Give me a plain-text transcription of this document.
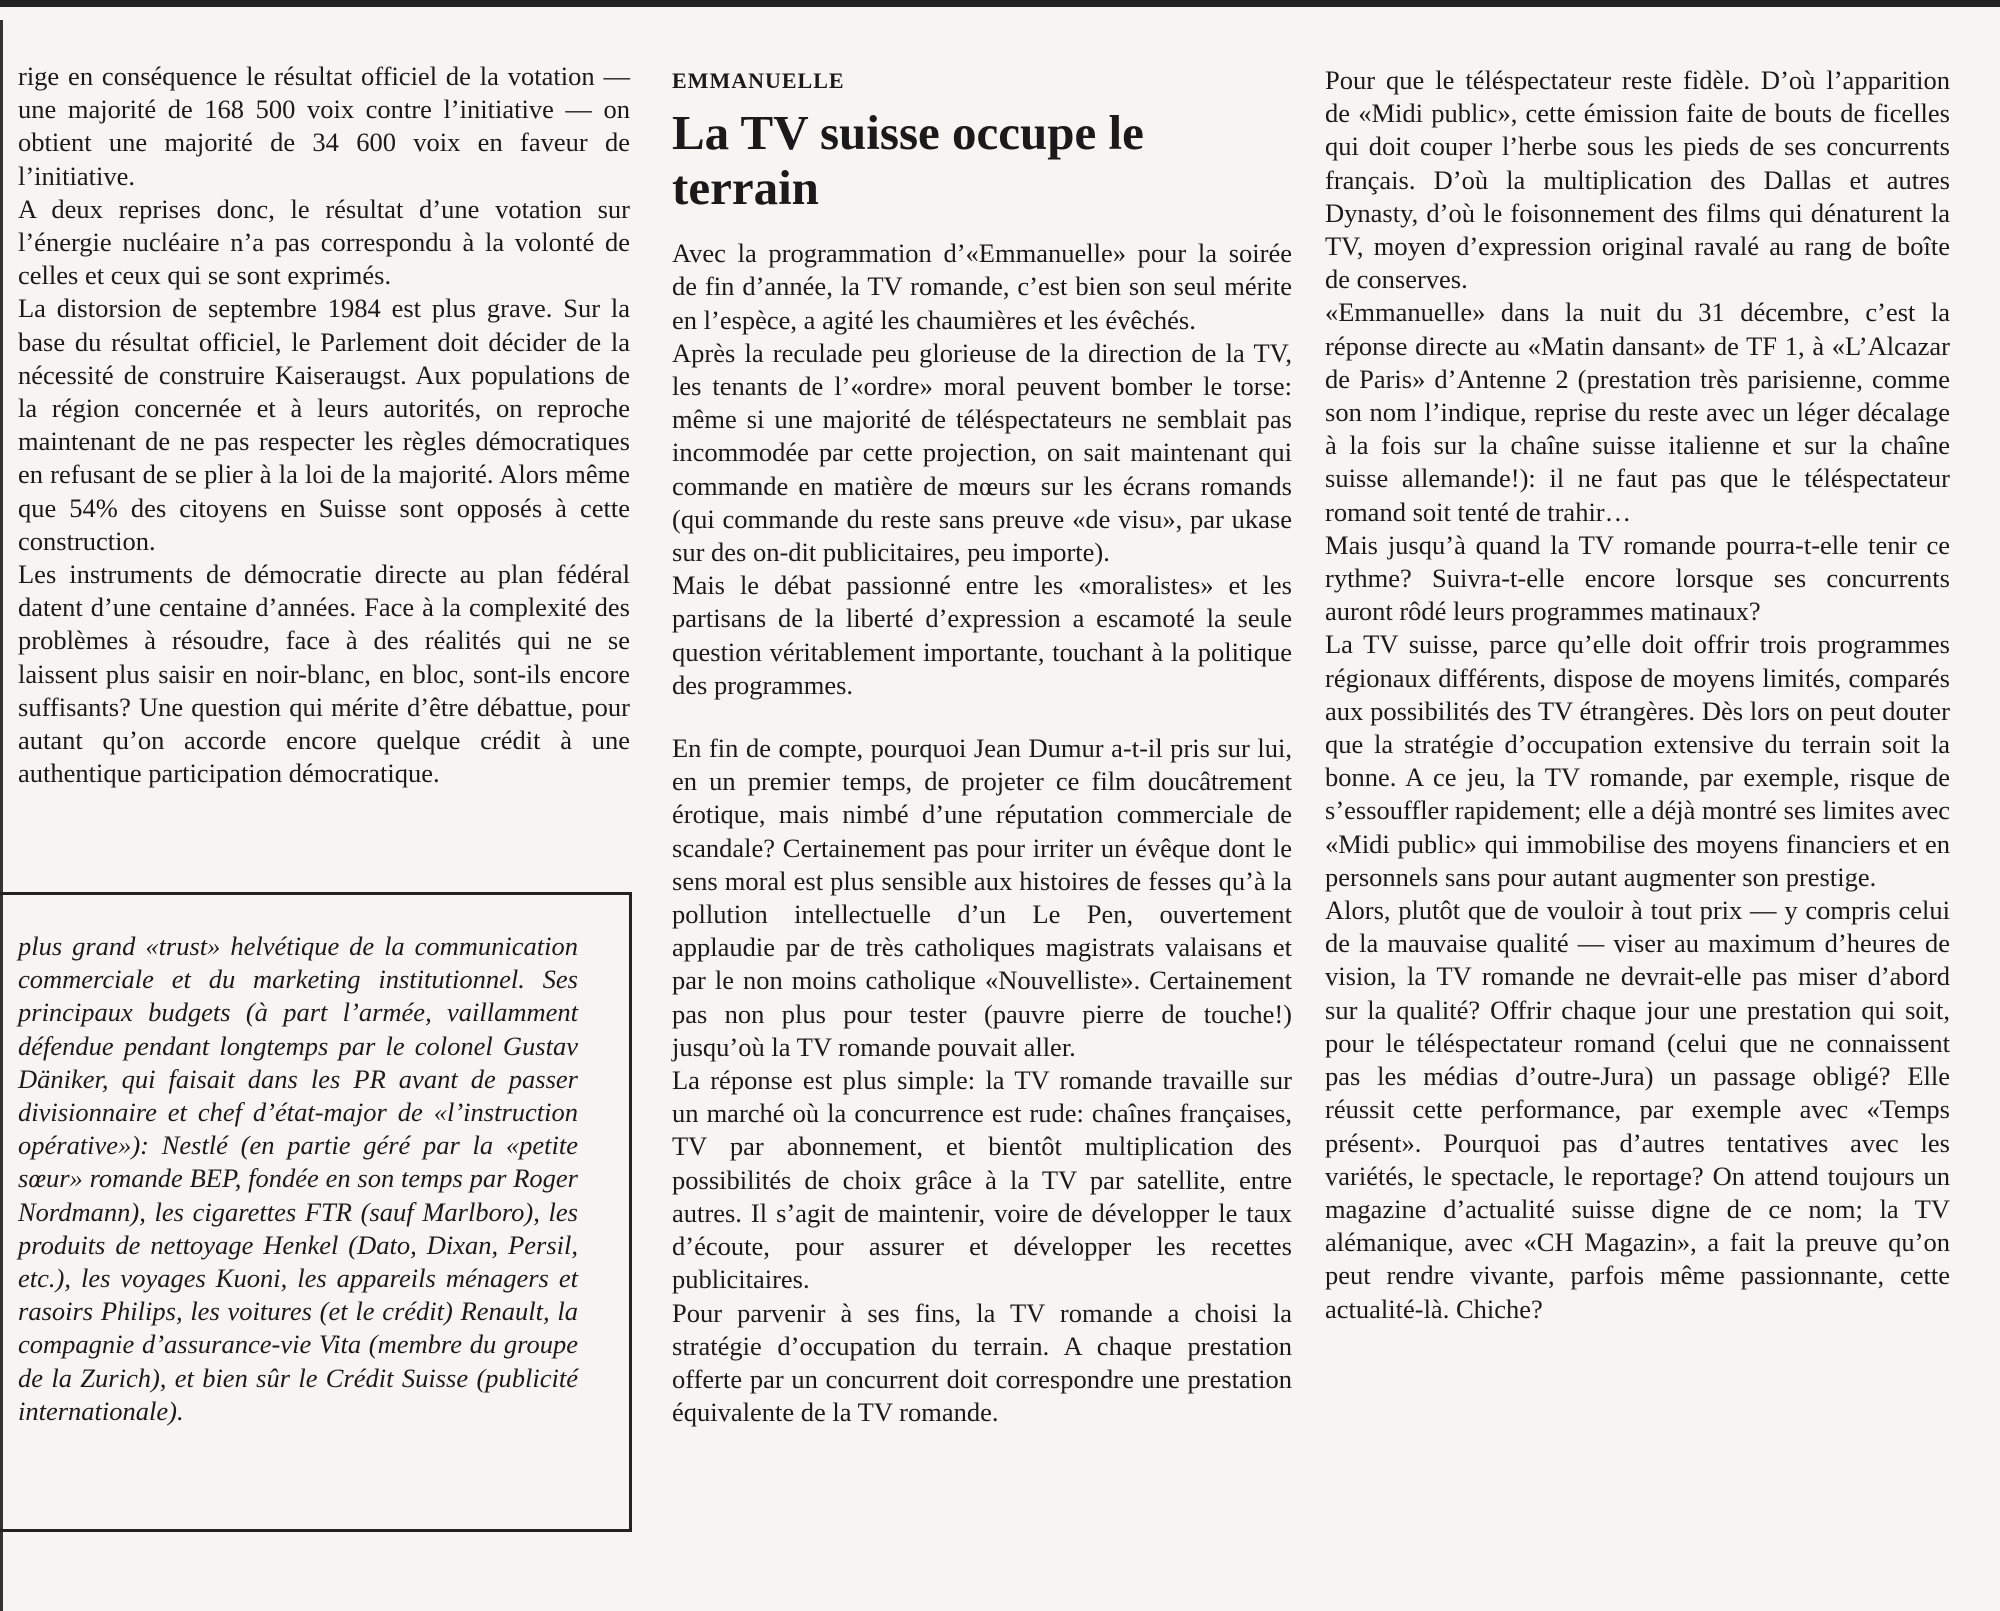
rige en conséquence le résultat officiel de la votation — une majorité de 168 500 voix contre l’initiative — on obtient une majorité de 34 600 voix en faveur de l’initiative.

A deux reprises donc, le résultat d’une votation sur l’énergie nucléaire n’a pas correspondu à la volonté de celles et ceux qui se sont exprimés.

La distorsion de septembre 1984 est plus grave. Sur la base du résultat officiel, le Parlement doit décider de la nécessité de construire Kaiseraugst. Aux populations de la région concernée et à leurs autorités, on reproche maintenant de ne pas respecter les règles démocratiques en refusant de se plier à la loi de la majorité. Alors même que 54% des citoyens en Suisse sont opposés à cette construction.

Les instruments de démocratie directe au plan fédéral datent d’une centaine d’années. Face à la complexité des problèmes à résoudre, face à des réalités qui ne se laissent plus saisir en noir-blanc, en bloc, sont-ils encore suffisants? Une question qui mérite d’être débattue, pour autant qu’on accorde encore quelque crédit à une authentique participation démocratique.

plus grand «trust» helvétique de la communication commerciale et du marketing institutionnel. Ses principaux budgets (à part l’armée, vaillamment défendue pendant longtemps par le colonel Gustav Däniker, qui faisait dans les PR avant de passer divisionnaire et chef d’état-major de «l’instruction opérative»): Nestlé (en partie géré par la «petite sœur» romande BEP, fondée en son temps par Roger Nordmann), les cigarettes FTR (sauf Marlboro), les produits de nettoyage Henkel (Dato, Dixan, Persil, etc.), les voyages Kuoni, les appareils ménagers et rasoirs Philips, les voitures (et le crédit) Renault, la compagnie d’assurance-vie Vita (membre du groupe de la Zurich), et bien sûr le Crédit Suisse (publicité internationale).

EMMANUELLE
La TV suisse occupe le terrain

Avec la programmation d’«Emmanuelle» pour la soirée de fin d’année, la TV romande, c’est bien son seul mérite en l’espèce, a agité les chaumières et les évêchés.

Après la reculade peu glorieuse de la direction de la TV, les tenants de l’«ordre» moral peuvent bomber le torse: même si une majorité de téléspectateurs ne semblait pas incommodée par cette projection, on sait maintenant qui commande en matière de mœurs sur les écrans romands (qui commande du reste sans preuve «de visu», par ukase sur des on-dit publicitaires, peu importe).

Mais le débat passionné entre les «moralistes» et les partisans de la liberté d’expression a escamoté la seule question véritablement importante, touchant à la politique des programmes.

En fin de compte, pourquoi Jean Dumur a-t-il pris sur lui, en un premier temps, de projeter ce film doucâtrement érotique, mais nimbé d’une réputation commerciale de scandale? Certainement pas pour irriter un évêque dont le sens moral est plus sensible aux histoires de fesses qu’à la pollution intellectuelle d’un Le Pen, ouvertement applaudie par de très catholiques magistrats valaisans et par le non moins catholique «Nouvelliste». Certainement pas non plus pour tester (pauvre pierre de touche!) jusqu’où la TV romande pouvait aller.

La réponse est plus simple: la TV romande travaille sur un marché où la concurrence est rude: chaînes françaises, TV par abonnement, et bientôt multiplication des possibilités de choix grâce à la TV par satellite, entre autres. Il s’agit de maintenir, voire de développer le taux d’écoute, pour assurer et développer les recettes publicitaires.

Pour parvenir à ses fins, la TV romande a choisi la stratégie d’occupation du terrain. A chaque prestation offerte par un concurrent doit correspondre une prestation équivalente de la TV romande.

Pour que le téléspectateur reste fidèle. D’où l’apparition de «Midi public», cette émission faite de bouts de ficelles qui doit couper l’herbe sous les pieds de ses concurrents français. D’où la multiplication des Dallas et autres Dynasty, d’où le foisonnement des films qui dénaturent la TV, moyen d’expression original ravalé au rang de boîte de conserves.

«Emmanuelle» dans la nuit du 31 décembre, c’est la réponse directe au «Matin dansant» de TF 1, à «L’Alcazar de Paris» d’Antenne 2 (prestation très parisienne, comme son nom l’indique, reprise du reste avec un léger décalage à la fois sur la chaîne suisse italienne et sur la chaîne suisse allemande!): il ne faut pas que le téléspectateur romand soit tenté de trahir…

Mais jusqu’à quand la TV romande pourra-t-elle tenir ce rythme? Suivra-t-elle encore lorsque ses concurrents auront rôdé leurs programmes matinaux?

La TV suisse, parce qu’elle doit offrir trois programmes régionaux différents, dispose de moyens limités, comparés aux possibilités des TV étrangères. Dès lors on peut douter que la stratégie d’occupation extensive du terrain soit la bonne. A ce jeu, la TV romande, par exemple, risque de s’essouffler rapidement; elle a déjà montré ses limites avec «Midi public» qui immobilise des moyens financiers et en personnels sans pour autant augmenter son prestige.

Alors, plutôt que de vouloir à tout prix — y compris celui de la mauvaise qualité — viser au maximum d’heures de vision, la TV romande ne devrait-elle pas miser d’abord sur la qualité? Offrir chaque jour une prestation qui soit, pour le téléspectateur romand (celui que ne connaissent pas les médias d’outre-Jura) un passage obligé? Elle réussit cette performance, par exemple avec «Temps présent». Pourquoi pas d’autres tentatives avec les variétés, le spectacle, le reportage? On attend toujours un magazine d’actualité suisse digne de ce nom; la TV alémanique, avec «CH Magazin», a fait la preuve qu’on peut rendre vivante, parfois même passionnante, cette actualité-là. Chiche?
